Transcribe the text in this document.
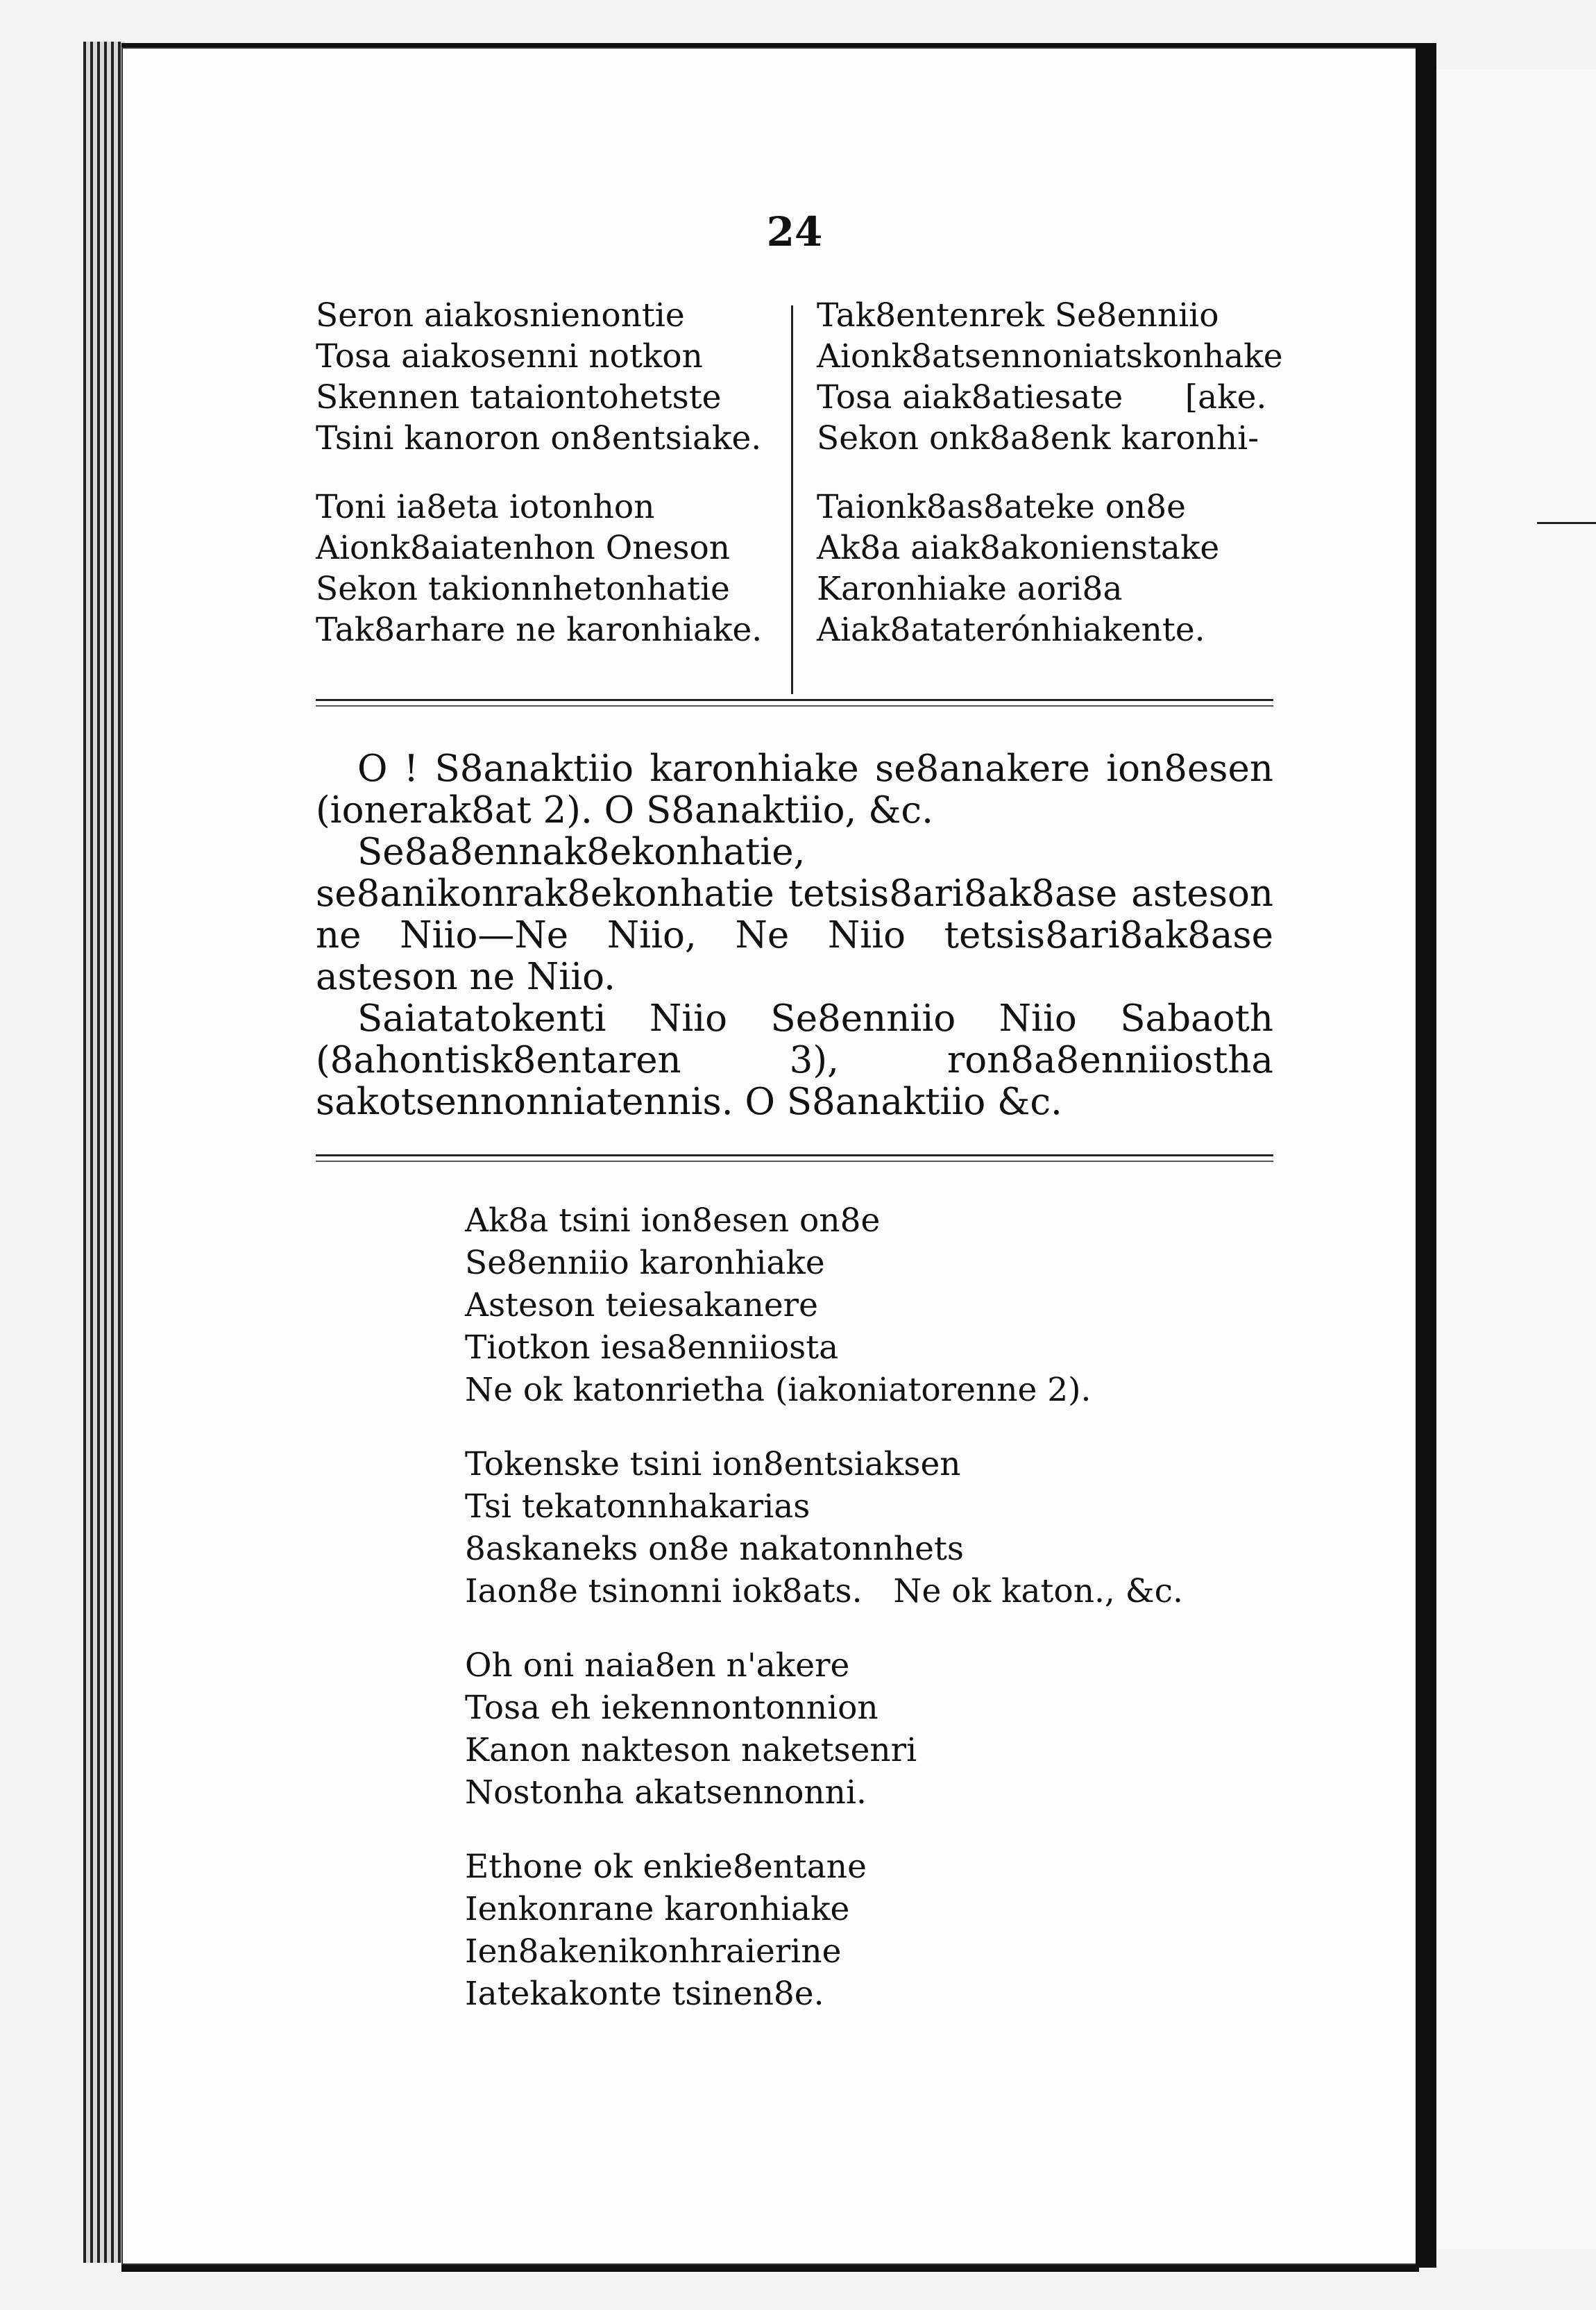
24
Seron aiakosnienontie
Tosa aiakosenni notkon
Skennen tataiontohetste
Tsini kanoron on8entsiake.
Toni ia8eta iotonhon
Aionk8aiatenhon Oneson
Sekon takionnhetonhatie
Tak8arhare ne karonhiake.
Tak8entenrek Se8enniio
Aionk8atsennoniatskonhake
Tosa aiak8atiesate      [ake.
Sekon onk8a8enk karonhi-
Taionk8as8ateke on8e
Ak8a aiak8akonienstake
Karonhiake aori8a
Aiak8ataterónhiakente.

O ! S8anaktiio karonhiake se8anakere ion8esen (ionerak8at 2). O S8anaktiio, &c.

Se8a8ennak8ekonhatie, se8anikonrak8ekonhatie tetsis8ari8ak8ase asteson ne Niio—Ne Niio, Ne Niio tetsis8ari8ak8ase asteson ne Niio.

Saiatatokenti Niio Se8enniio Niio Sabaoth (8ahontisk8entaren 3), ron8a8enniiostha sakotsennonniatennis. O S8anaktiio &c.

Ak8a tsini ion8esen on8e
Se8enniio karonhiake
Asteson teiesakanere
Tiotkon iesa8enniiosta
Ne ok katonrietha (iakoniatorenne 2).
Tokenske tsini ion8entsiaksen
Tsi tekatonnhakarias
8askaneks on8e nakatonnhets
Iaon8e tsinonni iok8ats.   Ne ok katon., &c.
Oh oni naia8en n'akere
Tosa eh iekennontonnion
Kanon nakteson naketsenri
Nostonha akatsennonni.
Ethone ok enkie8entane
Ienkonrane karonhiake
Ien8akenikonhraierine
Iatekakonte tsinen8e.
